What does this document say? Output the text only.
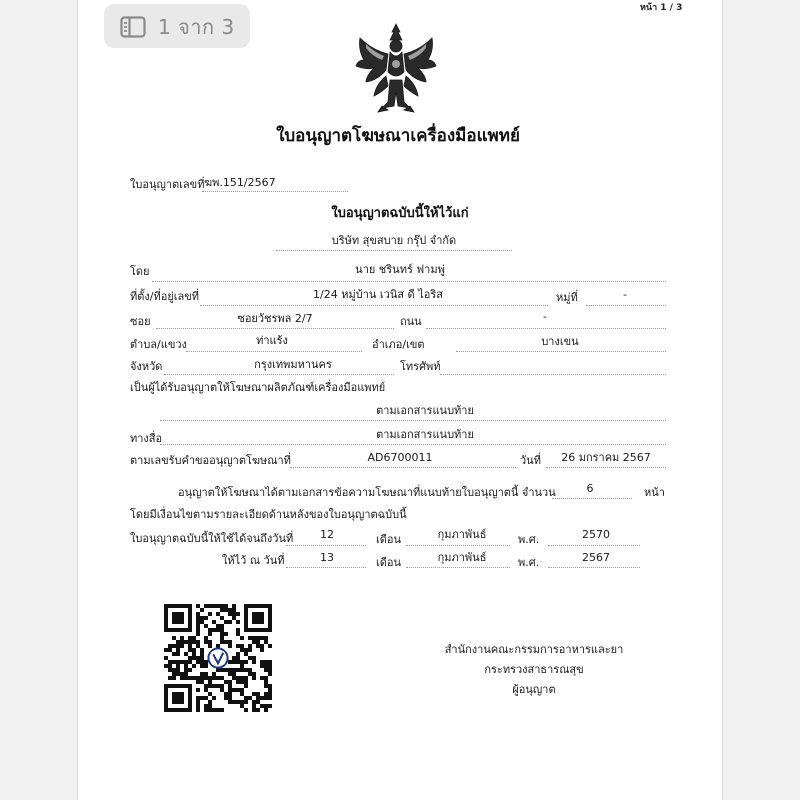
1 จาก 3
หน้า 1 / 3
ใบอนุญาตโฆษณาเครื่องมือแพทย์
ใบอนุญาตเลขที่ ฆพ.151/2567
ใบอนุญาตฉบับนี้ให้ไว้แก่
บริษัท สุขสบาย กรุ๊ป จำกัด
โดย	นาย ชรินทร์ ฟามพู่
ที่ตั้ง/ที่อยู่เลขที่	1/24 หมู่บ้าน เวนิส ดี ไอริส	หมู่ที่	-
ซอย	ซอยวัชรพล 2/7	ถนน	-
ตำบล/แขวง	ท่าแร้ง	อำเภอ/เขต	บางเขน
จังหวัด	กรุงเทพมหานคร	โทรศัพท์
เป็นผู้ได้รับอนุญาตให้โฆษณาผลิตภัณฑ์เครื่องมือแพทย์
ตามเอกสารแนบท้าย
ทางสื่อ	ตามเอกสารแนบท้าย
ตามเลขรับคำขออนุญาตโฆษณาที่	AD6700011	วันที่	26 มกราคม 2567
อนุญาตให้โฆษณาได้ตามเอกสารข้อความโฆษณาที่แนบท้ายใบอนุญาตนี้ จำนวน	6	หน้า
โดยมีเงื่อนไขตามรายละเอียดด้านหลังของใบอนุญาตฉบับนี้
ใบอนุญาตฉบับนี้ให้ใช้ได้จนถึงวันที่	12	เดือน	กุมภาพันธ์	พ.ศ.	2570
ให้ไว้ ณ วันที่	13	เดือน	กุมภาพันธ์	พ.ศ.	2567
สำนักงานคณะกรรมการอาหารและยา
กระทรวงสาธารณสุข
ผู้อนุญาต
